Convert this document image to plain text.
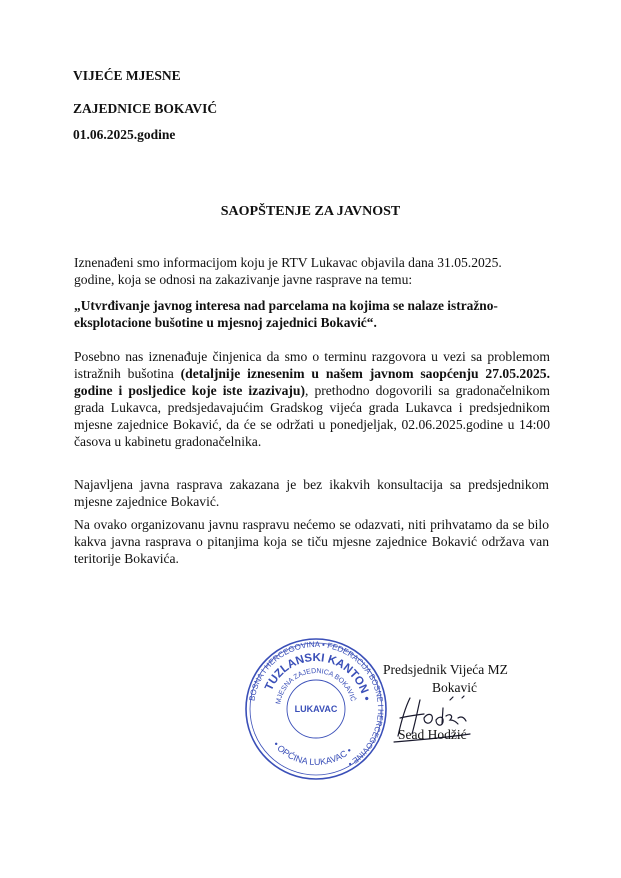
VIJEĆE MJESNE
ZAJEDNICE BOKAVIĆ
01.06.2025.godine
SAOPŠTENJE ZA JAVNOST
Iznenađeni smo informacijom koju je RTV Lukavac objavila dana 31.05.2025.
godine, koja se odnosi na zakazivanje javne rasprave na temu:
„Utvrđivanje javnog interesa nad parcelama na kojima se nalaze istražno-
eksplotacione bušotine u mjesnoj zajednici Bokavić“.
Posebno nas iznenađuje činjenica da smo o terminu razgovora u vezi sa problemom istražnih bušotina (detaljnije iznesenim u našem javnom saopćenju 27.05.2025. godine i posljedice koje iste izazivaju), prethodno dogovorili sa gradonačelnikom grada Lukavca, predsjedavajućim Gradskog vijeća grada Lukavca i predsjednikom mjesne zajednice Bokavić, da će se održati u ponedjeljak, 02.06.2025.godine u 14:00 časova u kabinetu gradonačelnika.
Najavljena javna rasprava zakazana je bez ikakvih konsultacija sa predsjednikom mjesne zajednice Bokavić.
Na ovako organizovanu javnu raspravu nećemo se odazvati, niti prihvatamo da se bilo kakva javna rasprava o pitanjima koja se tiču mjesne zajednice Bokavić održava van teritorije Bokavića.
BOSNA I HERCEGOVINA • FEDERACIJA BOSNE I HERCEGOVINE •
TUZLANSKI KANTON •
MJESNA ZAJEDNICA BOKAVIĆ
• OPĆINA LUKAVAC •
LUKAVAC
Predsjednik Vijeća MZ
Bokavić
Sead Hodžić
